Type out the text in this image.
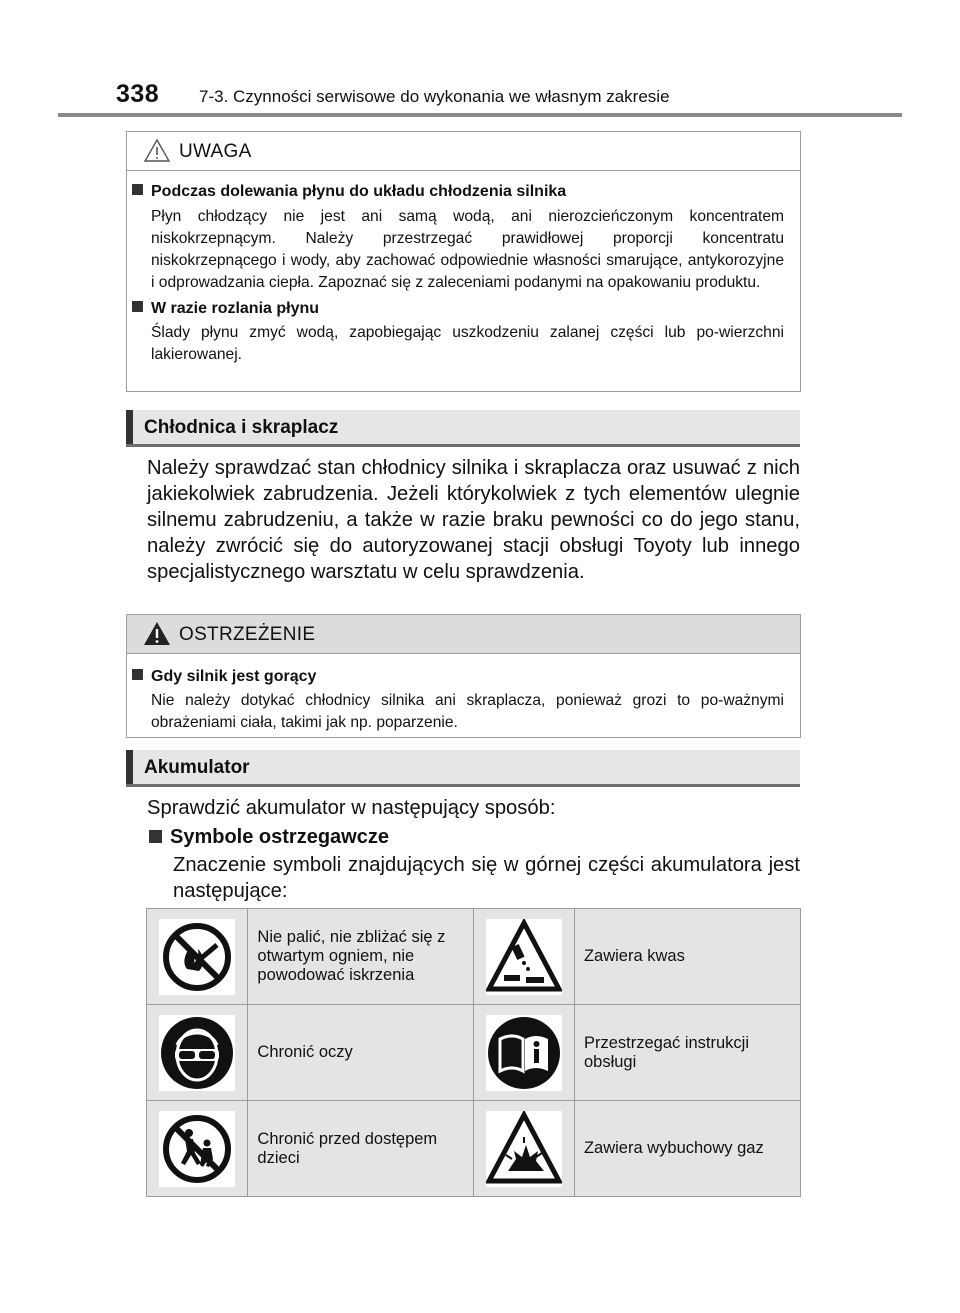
338 7-3. Czynności serwisowe do wykonania we własnym zakresie
UWAGA
Podczas dolewania płynu do układu chłodzenia silnika
Płyn chłodzący nie jest ani samą wodą, ani nierozcieńczonym koncentratem niskokrzepnącym. Należy przestrzegać prawidłowej proporcji koncentratu niskokrzepnącego i wody, aby zachować odpowiednie własności smarujące, antykorozyjne i odprowadzania ciepła. Zapoznać się z zaleceniami podanymi na opakowaniu produktu.
W razie rozlania płynu
Ślady płynu zmyć wodą, zapobiegając uszkodzeniu zalanej części lub po-wierzchni lakierowanej.
Chłodnica i skraplacz
Należy sprawdzać stan chłodnicy silnika i skraplacza oraz usuwać z nich jakiekolwiek zabrudzenia. Jeżeli którykolwiek z tych elementów ulegnie silnemu zabrudzeniu, a także w razie braku pewności co do jego stanu, należy zwrócić się do autoryzowanej stacji obsługi Toyoty lub innego specjalistycznego warsztatu w celu sprawdzenia.
OSTRZEŻENIE
Gdy silnik jest gorący
Nie należy dotykać chłodnicy silnika ani skraplacza, ponieważ grozi to po-ważnymi obrażeniami ciała, takimi jak np. poparzenie.
Akumulator
Sprawdzić akumulator w następujący sposób:
Symbole ostrzegawcze
Znaczenie symboli znajdujących się w górnej części akumulatora jest następujące:
	Nie palić, nie zbliżać się z otwartym ogniem, nie powodować iskrzenia		Zawiera kwas
	Chronić oczy		Przestrzegać instrukcji obsługi
	Chronić przed dostępem dzieci		Zawiera wybuchowy gaz
